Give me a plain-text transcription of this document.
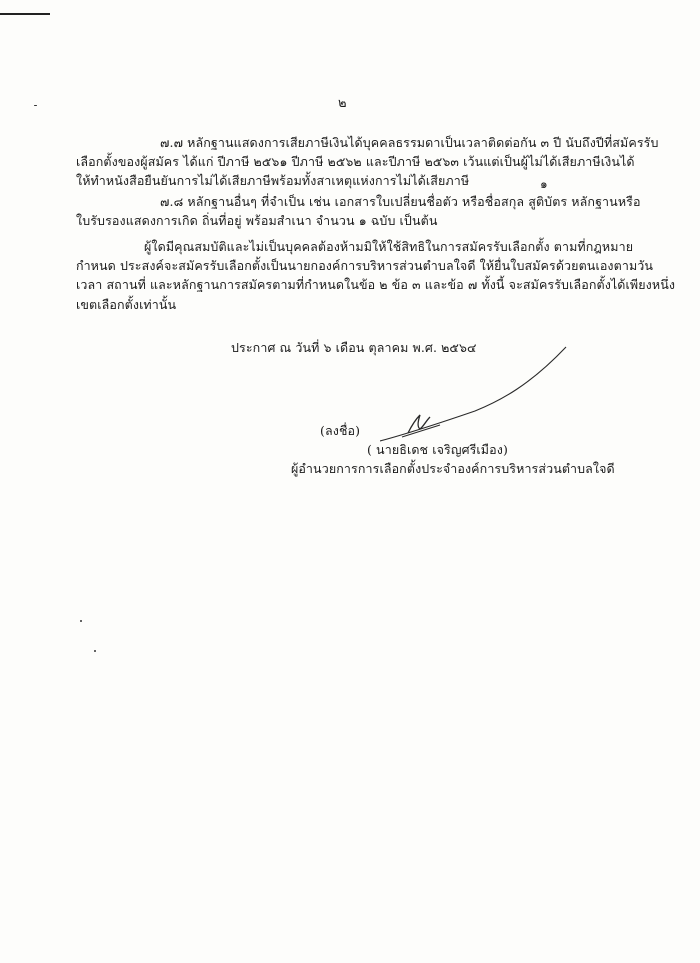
๒
๗.๗ หลักฐานแสดงการเสียภาษีเงินได้บุคคลธรรมดาเป็นเวลาติดต่อกัน ๓ ปี นับถึงปีที่สมัครรับ
เลือกตั้งของผู้สมัคร ได้แก่ ปีภาษี ๒๕๖๑ ปีภาษี ๒๕๖๒ และปีภาษี ๒๕๖๓ เว้นแต่เป็นผู้ไม่ได้เสียภาษีเงินได้
ให้ทำหนังสือยืนยันการไม่ได้เสียภาษีพร้อมทั้งสาเหตุแห่งการไม่ได้เสียภาษี	๑
๗.๘ หลักฐานอื่นๆ ที่จำเป็น เช่น เอกสารใบเปลี่ยนชื่อตัว หรือชื่อสกุล สูติบัตร หลักฐานหรือ
ใบรับรองแสดงการเกิด ถิ่นที่อยู่ พร้อมสำเนา จำนวน ๑ ฉบับ เป็นต้น
ผู้ใดมีคุณสมบัติและไม่เป็นบุคคลต้องห้ามมิให้ใช้สิทธิในการสมัครรับเลือกตั้ง ตามที่กฎหมาย
กำหนด ประสงค์จะสมัครรับเลือกตั้งเป็นนายกองค์การบริหารส่วนตำบลใจดี ให้ยื่นใบสมัครด้วยตนเองตามวัน
เวลา สถานที่ และหลักฐานการสมัครตามที่กำหนดในข้อ ๒ ข้อ ๓ และข้อ ๗ ทั้งนี้ จะสมัครรับเลือกตั้งได้เพียงหนึ่ง
เขตเลือกตั้งเท่านั้น
ประกาศ ณ วันที่ ๖ เดือน ตุลาคม พ.ศ. ๒๕๖๔
(ลงชื่อ)
( นายธิเดช เจริญศรีเมือง)
ผู้อำนวยการการเลือกตั้งประจำองค์การบริหารส่วนตำบลใจดี
